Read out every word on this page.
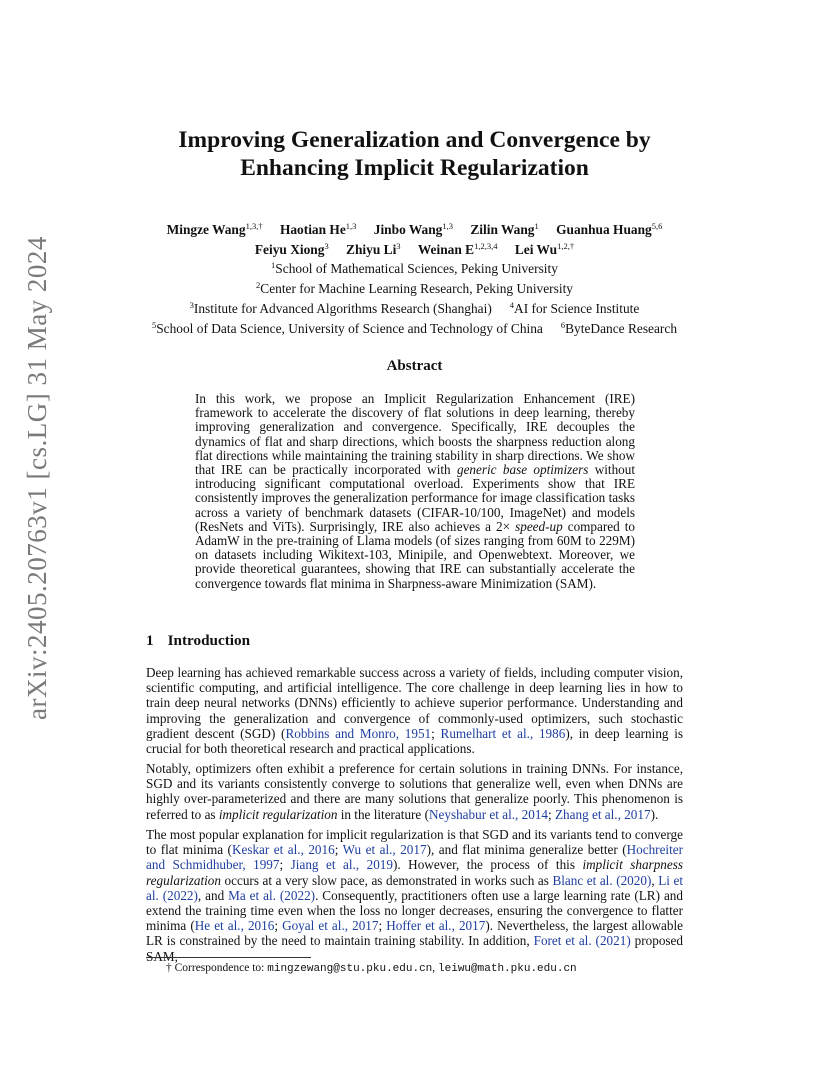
arXiv:2405.20763v1 [cs.LG] 31 May 2024
Improving Generalization and Convergence by
Enhancing Implicit Regularization
Mingze Wang$^{1,3,\dagger}$ Haotian He$^{1,3}$ Jinbo Wang$^{1,3}$ Zilin Wang$^1$ Guanhua Huang$^{5,6}$
Feiyu Xiong$^3$ Zhiyu Li$^3$ Weinan E$^{1,2,3,4}$ Lei $Wu^{1,2,\dagger}$
$^1$School of Mathematical Sciences, Peking University
$^2$Center for Machine Learning Research, Peking University
$^3$Institute for Advanced Algorithms Research (Shanghai) $^4$AI for Science Institute
$^5$School of Data Science, University of Science and Technology of China $^6$ByteDance Research
Abstract
In this work, we propose an Implicit Regularization Enhancement (IRE) framework to accelerate the discovery of flat solutions in deep learning, thereby improving generalization and convergence. Specifically, IRE decouples the dynamics of flat and sharp directions, which boosts the sharpness reduction along flat directions while maintaining the training stability in sharp directions. We show that IRE can be practically incorporated with generic base optimizers without introducing significant computational overload. Experiments show that IRE consistently improves the generalization performance for image classification tasks across a variety of benchmark datasets (CIFAR-10/100, ImageNet) and models (ResNets and ViTs). Surprisingly, IRE also achieves a 2× speed-up compared to AdamW in the pre-training of Llama models (of sizes ranging from 60M to 229M) on datasets including Wikitext-103, Minipile, and Openwebtext. Moreover, we provide theoretical guarantees, showing that IRE can substantially accelerate the convergence towards flat minima in Sharpness-aware Minimization (SAM).
1 Introduction

Deep learning has achieved remarkable success across a variety of fields, including computer vision, scientific computing, and artificial intelligence. The core challenge in deep learning lies in how to train deep neural networks (DNNs) efficiently to achieve superior performance. Understanding and improving the generalization and convergence of commonly-used optimizers, such stochastic gradient descent (SGD) (Robbins and Monro, 1951; Rumelhart et al., 1986), in deep learning is crucial for both theoretical research and practical applications.

Notably, optimizers often exhibit a preference for certain solutions in training DNNs. For instance, SGD and its variants consistently converge to solutions that generalize well, even when DNNs are highly over-parameterized and there are many solutions that generalize poorly. This phenomenon is referred to as implicit regularization in the literature (Neyshabur et al., 2014; Zhang et al., 2017).

The most popular explanation for implicit regularization is that SGD and its variants tend to converge to flat minima (Keskar et al., 2016; Wu et al., 2017), and flat minima generalize better (Hochreiter and Schmidhuber, 1997; Jiang et al., 2019). However, the process of this implicit sharpness regularization occurs at a very slow pace, as demonstrated in works such as Blanc et al. (2020), Li et al. (2022), and Ma et al. (2022). Consequently, practitioners often use a large learning rate (LR) and extend the training time even when the loss no longer decreases, ensuring the convergence to flatter minima (He et al., 2016; Goyal et al., 2017; Hoffer et al., 2017). Nevertheless, the largest allowable LR is constrained by the need to maintain training stability. In addition, Foret et al. (2021) proposed SAM,

† Correspondence to: mingzewang@stu.pku.edu.cn, leiwu@math.pku.edu.cn
